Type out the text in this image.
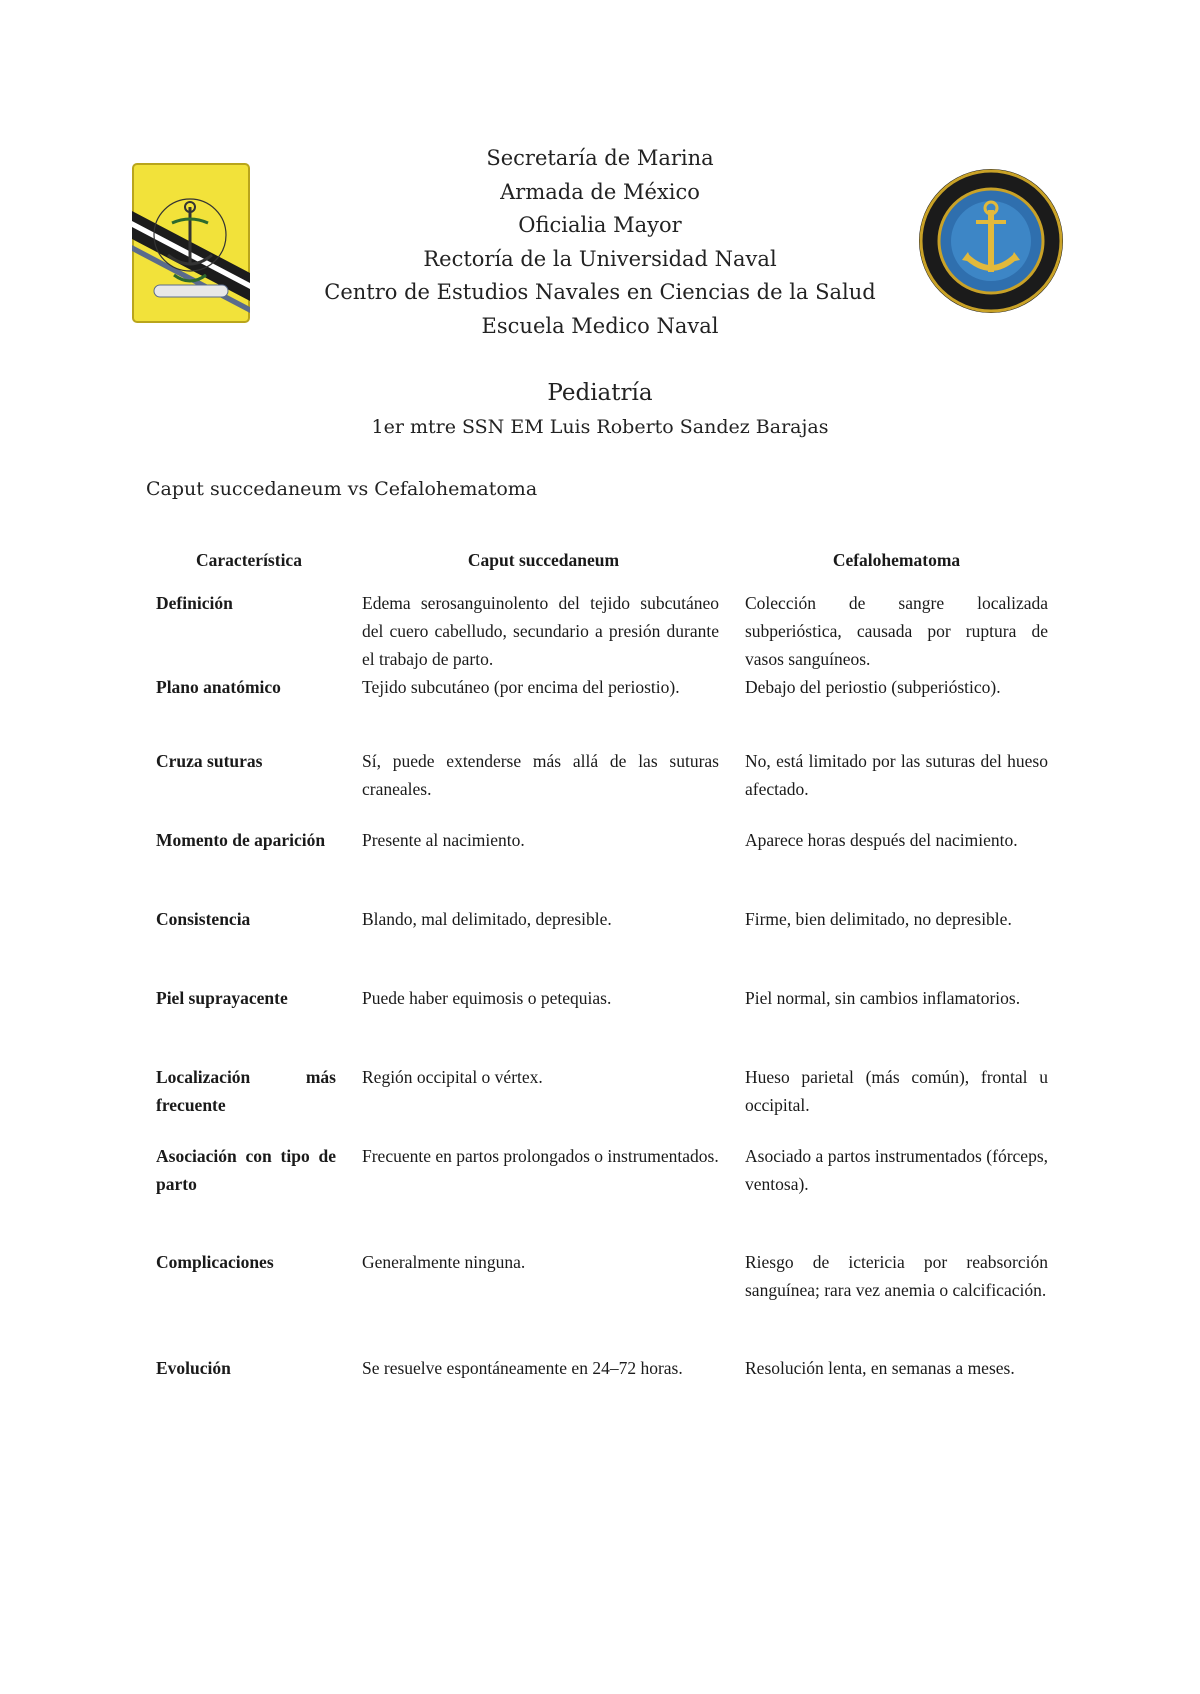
Secretaría de Marina
Armada de México
Oficialia Mayor
Rectoría de la Universidad Naval
Centro de Estudios Navales en Ciencias de la Salud
Escuela Medico Naval
Pediatría
1er mtre SSN EM Luis Roberto Sandez Barajas
Caput succedaneum vs Cefalohematoma
Característica	Caput succedaneum	Cefalohematoma
Definición	Edema serosanguinolento del tejido subcutáneo del cuero cabelludo, secundario a presión durante el trabajo de parto.	Colección de sangre localizada subperióstica, causada por ruptura de vasos sanguíneos.
Plano anatómico	Tejido subcutáneo (por encima del periostio).	Debajo del periostio (subperióstico).
Cruza suturas	Sí, puede extenderse más allá de las suturas craneales.	No, está limitado por las suturas del hueso afectado.
Momento de aparición	Presente al nacimiento.	Aparece horas después del nacimiento.
Consistencia	Blando, mal delimitado, depresible.	Firme, bien delimitado, no depresible.
Piel suprayacente	Puede haber equimosis o petequias.	Piel normal, sin cambios inflamatorios.
Localización más frecuente	Región occipital o vértex.	Hueso parietal (más común), frontal u occipital.
Asociación con tipo de parto	Frecuente en partos prolongados o instrumentados.	Asociado a partos instrumentados (fórceps, ventosa).
Complicaciones	Generalmente ninguna.	Riesgo de ictericia por reabsorción sanguínea; rara vez anemia o calcificación.
Evolución	Se resuelve espontáneamente en 24–72 horas.	Resolución lenta, en semanas a meses.
